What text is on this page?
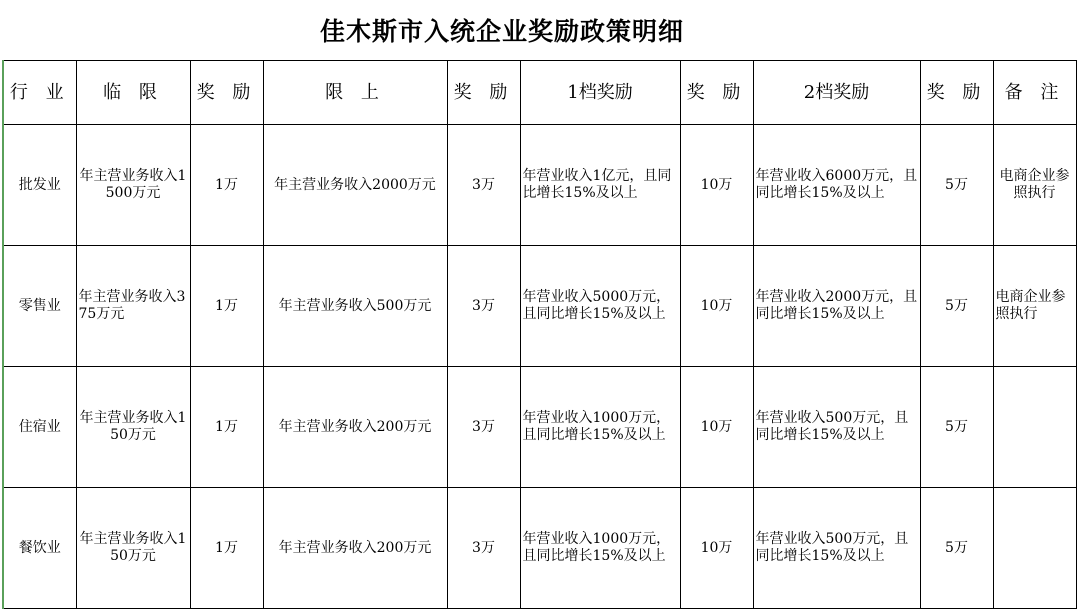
佳木斯市入统企业奖励政策明细
行 业	临 限	奖 励	限 上	奖 励	1档奖励	奖 励	2档奖励	奖 励	备 注
批发业	年主营业务收入1500万元	1万	年主营业务收入2000万元	3万	年营业收入1亿元，且同比增长15%及以上	10万	年营业收入6000万元，且同比增长15%及以上	5万	电商企业参照执行
零售业	年主营业务收入375万元	1万	年主营业务收入500万元	3万	年营业收入5000万元，且同比增长15%及以上	10万	年营业收入2000万元，且同比增长15%及以上	5万	电商企业参照执行
住宿业	年主营业务收入150万元	1万	年主营业务收入200万元	3万	年营业收入1000万元，且同比增长15%及以上	10万	年营业收入500万元，且同比增长15%及以上	5万	
餐饮业	年主营业务收入150万元	1万	年主营业务收入200万元	3万	年营业收入1000万元，且同比增长15%及以上	10万	年营业收入500万元，且同比增长15%及以上	5万	
